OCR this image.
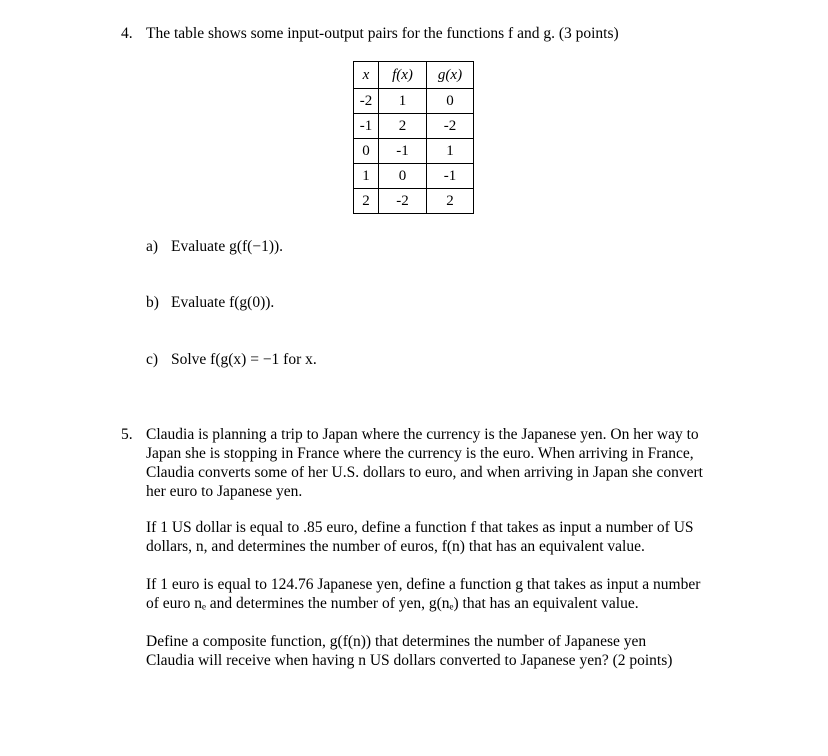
4. The table shows some input-output pairs for the functions f and g. (3 points)
x	f(x)	g(x)
-2	1	0
-1	2	-2
0	-1	1
1	0	-1
2	-2	2
a) Evaluate g(f(−1)).
b) Evaluate f(g(0)).
c) Solve f(g(x) = −1 for x.
5. Claudia is planning a trip to Japan where the currency is the Japanese yen. On her way to
Japan she is stopping in France where the currency is the euro. When arriving in France,
Claudia converts some of her U.S. dollars to euro, and when arriving in Japan she convert
her euro to Japanese yen.
If 1 US dollar is equal to .85 euro, define a function f that takes as input a number of US
dollars, n, and determines the number of euros, f(n) that has an equivalent value.
If 1 euro is equal to 124.76 Japanese yen, define a function g that takes as input a number
of euro nₑ and determines the number of yen, g(nₑ) that has an equivalent value.
Define a composite function, g(f(n)) that determines the number of Japanese yen
Claudia will receive when having n US dollars converted to Japanese yen? (2 points)
